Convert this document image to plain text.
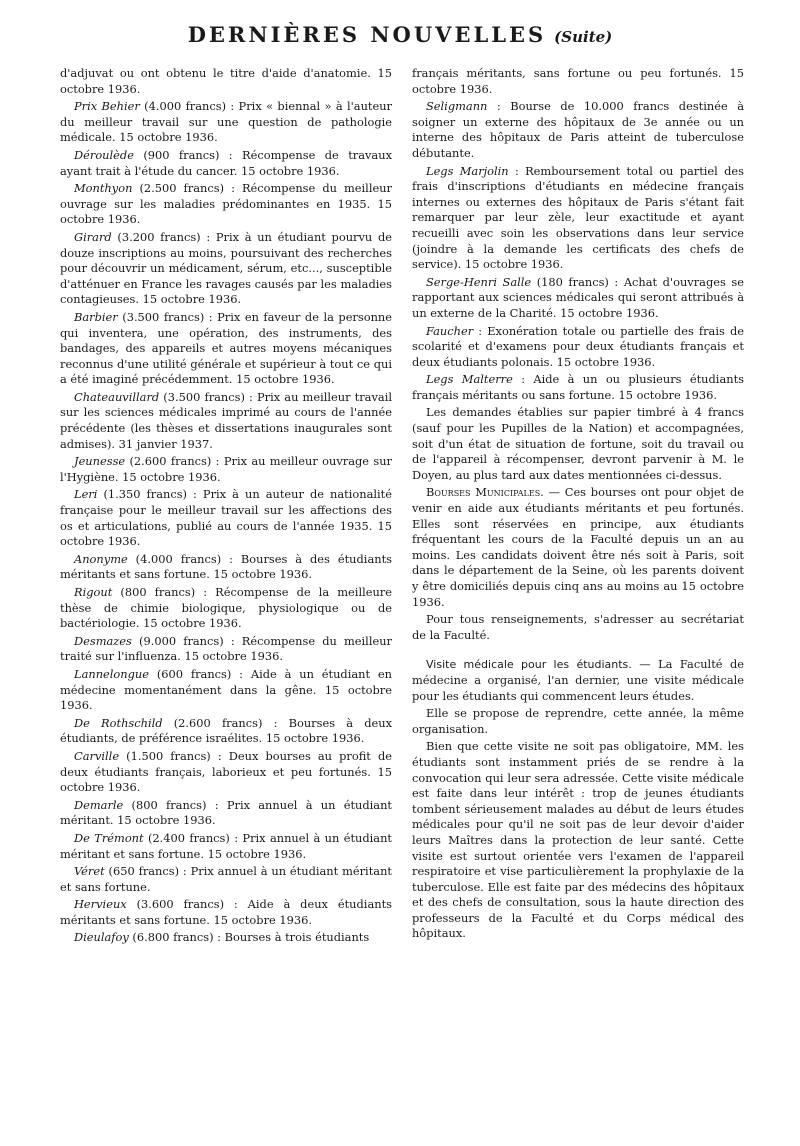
DERNIÈRES NOUVELLES (Suite)

d'adjuvat ou ont obtenu le titre d'aide d'anatomie. 15 octobre 1936.

Prix Behier (4.000 francs) : Prix « biennal » à l'auteur du meilleur travail sur une question de pathologie médicale. 15 octobre 1936.

Déroulède (900 francs) : Récompense de travaux ayant trait à l'étude du cancer. 15 octobre 1936.

Monthyon (2.500 francs) : Récompense du meilleur ouvrage sur les maladies prédominantes en 1935. 15 octobre 1936.

Girard (3.200 francs) : Prix à un étudiant pourvu de douze inscriptions au moins, poursuivant des recherches pour découvrir un médicament, sérum, etc..., susceptible d'atténuer en France les ravages causés par les maladies contagieuses. 15 octobre 1936.

Barbier (3.500 francs) : Prix en faveur de la personne qui inventera, une opération, des instruments, des bandages, des appareils et autres moyens mécaniques reconnus d'une utilité générale et supérieur à tout ce qui a été imaginé précédemment. 15 octobre 1936.

Chateauvillard (3.500 francs) : Prix au meilleur travail sur les sciences médicales imprimé au cours de l'année précédente (les thèses et dissertations inaugurales sont admises). 31 janvier 1937.

Jeunesse (2.600 francs) : Prix au meilleur ouvrage sur l'Hygiène. 15 octobre 1936.

Leri (1.350 francs) : Prix à un auteur de nationalité française pour le meilleur travail sur les affections des os et articulations, publié au cours de l'année 1935. 15 octobre 1936.

Anonyme (4.000 francs) : Bourses à des étudiants méritants et sans fortune. 15 octobre 1936.

Rigout (800 francs) : Récompense de la meilleure thèse de chimie biologique, physiologique ou de bactériologie. 15 octobre 1936.

Desmazes (9.000 francs) : Récompense du meilleur traité sur l'influenza. 15 octobre 1936.

Lannelongue (600 francs) : Aide à un étudiant en médecine momentanément dans la gêne. 15 octobre 1936.

De Rothschild (2.600 francs) : Bourses à deux étudiants, de préférence israélites. 15 octobre 1936.

Carville (1.500 francs) : Deux bourses au profit de deux étudiants français, laborieux et peu fortunés. 15 octobre 1936.

Demarle (800 francs) : Prix annuel à un étudiant méritant. 15 octobre 1936.

De Trémont (2.400 francs) : Prix annuel à un étudiant méritant et sans fortune. 15 octobre 1936.

Véret (650 francs) : Prix annuel à un étudiant méritant et sans fortune.

Hervieux (3.600 francs) : Aide à deux étudiants méritants et sans fortune. 15 octobre 1936.

Dieulafoy (6.800 francs) : Bourses à trois étudiants

français méritants, sans fortune ou peu fortunés. 15 octobre 1936.

Seligmann : Bourse de 10.000 francs destinée à soigner un externe des hôpitaux de 3e année ou un interne des hôpitaux de Paris atteint de tuberculose débutante.

Legs Marjolin : Remboursement total ou partiel des frais d'inscriptions d'étudiants en médecine français internes ou externes des hôpitaux de Paris s'étant fait remarquer par leur zèle, leur exactitude et ayant recueilli avec soin les observations dans leur service (joindre à la demande les certificats des chefs de service). 15 octobre 1936.

Serge-Henri Salle (180 francs) : Achat d'ouvrages se rapportant aux sciences médicales qui seront attribués à un externe de la Charité. 15 octobre 1936.

Faucher : Exonération totale ou partielle des frais de scolarité et d'examens pour deux étudiants français et deux étudiants polonais. 15 octobre 1936.

Legs Malterre : Aide à un ou plusieurs étudiants français méritants ou sans fortune. 15 octobre 1936.

Les demandes établies sur papier timbré à 4 francs (sauf pour les Pupilles de la Nation) et accompagnées, soit d'un état de situation de fortune, soit du travail ou de l'appareil à récompenser, devront parvenir à M. le Doyen, au plus tard aux dates mentionnées ci-dessus.

Bourses Municipales. — Ces bourses ont pour objet de venir en aide aux étudiants méritants et peu fortunés. Elles sont réservées en principe, aux étudiants fréquentant les cours de la Faculté depuis un an au moins. Les candidats doivent être nés soit à Paris, soit dans le département de la Seine, où les parents doivent y être domiciliés depuis cinq ans au moins au 15 octobre 1936.

Pour tous renseignements, s'adresser au secrétariat de la Faculté.

Visite médicale pour les étudiants. — La Faculté de médecine a organisé, l'an dernier, une visite médicale pour les étudiants qui commencent leurs études.

Elle se propose de reprendre, cette année, la même organisation.

Bien que cette visite ne soit pas obligatoire, MM. les étudiants sont instamment priés de se rendre à la convocation qui leur sera adressée. Cette visite médicale est faite dans leur intérêt : trop de jeunes étudiants tombent sérieusement malades au début de leurs études médicales pour qu'il ne soit pas de leur devoir d'aider leurs Maîtres dans la protection de leur santé. Cette visite est surtout orientée vers l'examen de l'appareil respiratoire et vise particulièrement la prophylaxie de la tuberculose. Elle est faite par des médecins des hôpitaux et des chefs de consultation, sous la haute direction des professeurs de la Faculté et du Corps médical des hôpitaux.
